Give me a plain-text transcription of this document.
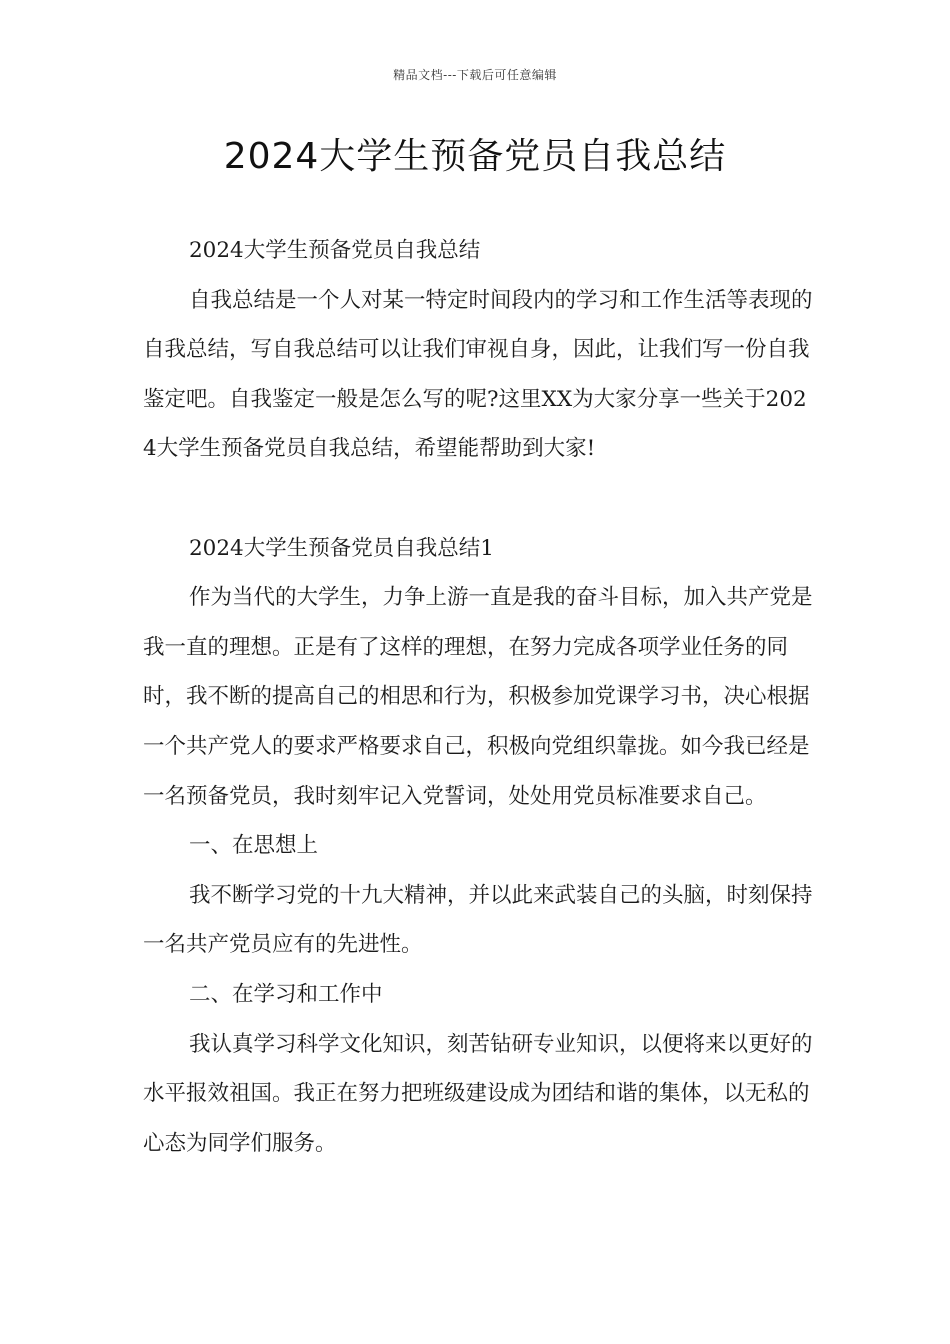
精品文档---下载后可任意编辑
2024大学生预备党员自我总结

2024大学生预备党员自我总结

自我总结是一个人对某一特定时间段内的学习和工作生活等表现的自我总结，写自我总结可以让我们审视自身，因此，让我们写一份自我鉴定吧。自我鉴定一般是怎么写的呢?这里XX为大家分享一些关于2024大学生预备党员自我总结，希望能帮助到大家!

2024大学生预备党员自我总结1

作为当代的大学生，力争上游一直是我的奋斗目标，加入共产党是我一直的理想。正是有了这样的理想，在努力完成各项学业任务的同时，我不断的提高自己的相思和行为，积极参加党课学习书，决心根据一个共产党人的要求严格要求自己，积极向党组织靠拢。如今我已经是一名预备党员，我时刻牢记入党誓词，处处用党员标准要求自己。

一、在思想上

我不断学习党的十九大精神，并以此来武装自己的头脑，时刻保持一名共产党员应有的先进性。

二、在学习和工作中

我认真学习科学文化知识，刻苦钻研专业知识，以便将来以更好的水平报效祖国。我正在努力把班级建设成为团结和谐的集体，以无私的心态为同学们服务。
